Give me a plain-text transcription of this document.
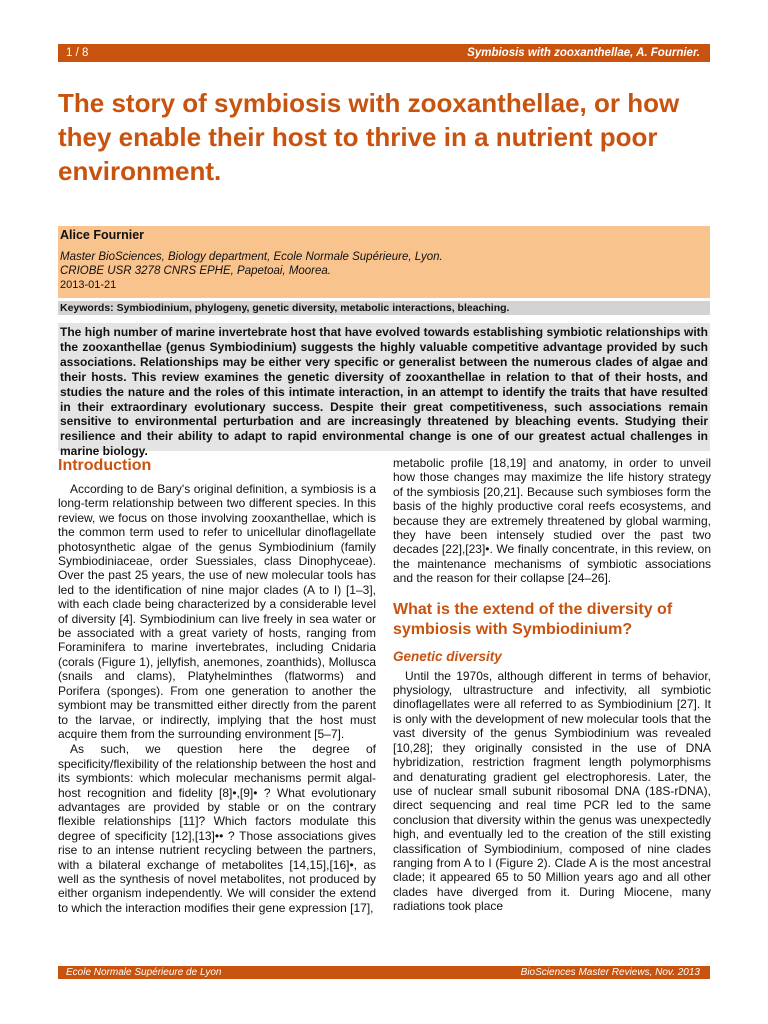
1 / 8	Symbiosis with zooxanthellae, A. Fournier.
The story of symbiosis with zooxanthellae, or how they enable their host to thrive in a nutrient poor environment.
Alice Fournier
Master BioSciences, Biology department, Ecole Normale Supérieure, Lyon.
CRIOBE USR 3278 CNRS EPHE, Papetoai, Moorea.
2013-01-21
Keywords: Symbiodinium, phylogeny, genetic diversity, metabolic interactions, bleaching.

The high number of marine invertebrate host that have evolved towards establishing symbiotic relationships with the zooxanthellae (genus Symbiodinium) suggests the highly valuable competitive advantage provided by such associations. Relationships may be either very specific or generalist between the numerous clades of algae and their hosts. This review examines the genetic diversity of zooxanthellae in relation to that of their hosts, and studies the nature and the roles of this intimate interaction, in an attempt to identify the traits that have resulted in their extraordinary evolutionary success. Despite their great competitiveness, such associations remain sensitive to environmental perturbation and are increasingly threatened by bleaching events. Studying their resilience and their ability to adapt to rapid environmental change is one of our greatest actual challenges in marine biology.

Introduction

According to de Bary's original definition, a symbiosis is a long-term relationship between two different species. In this review, we focus on those involving zooxanthellae, which is the common term used to refer to unicellular dinoflagellate photosynthetic algae of the genus Symbiodinium (family Symbiodiniaceae, order Suessiales, class Dinophyceae). Over the past 25 years, the use of new molecular tools has led to the identification of nine major clades (A to I) [1–3], with each clade being characterized by a considerable level of diversity [4]. Symbiodinium can live freely in sea water or be associated with a great variety of hosts, ranging from Foraminifera to marine invertebrates, including Cnidaria (corals (Figure 1), jellyfish, anemones, zoanthids), Mollusca (snails and clams), Platyhelminthes (flatworms) and Porifera (sponges). From one generation to another the symbiont may be transmitted either directly from the parent to the larvae, or indirectly, implying that the host must acquire them from the surrounding environment [5–7].

As such, we question here the degree of specificity/flexibility of the relationship between the host and its symbionts: which molecular mechanisms permit algal-host recognition and fidelity [8]•,[9]• ? What evolutionary advantages are provided by stable or on the contrary flexible relationships [11]? Which factors modulate this degree of specificity [12],[13]•• ? Those associations gives rise to an intense nutrient recycling between the partners, with a bilateral exchange of metabolites [14,15],[16]•, as well as the synthesis of novel metabolites, not produced by either organism independently. We will consider the extend to which the interaction modifies their gene expression [17],

metabolic profile [18,19] and anatomy, in order to unveil how those changes may maximize the life history strategy of the symbiosis [20,21]. Because such symbioses form the basis of the highly productive coral reefs ecosystems, and because they are extremely threatened by global warming, they have been intensely studied over the past two decades [22],[23]•. We finally concentrate, in this review, on the maintenance mechanisms of symbiotic associations and the reason for their collapse [24–26].

What is the extend of the diversity of symbiosis with Symbiodinium?
Genetic diversity

Until the 1970s, although different in terms of behavior, physiology, ultrastructure and infectivity, all symbiotic dinoflagellates were all referred to as Symbiodinium [27]. It is only with the development of new molecular tools that the vast diversity of the genus Symbiodinium was revealed [10,28]; they originally consisted in the use of DNA hybridization, restriction fragment length polymorphisms and denaturating gradient gel electrophoresis. Later, the use of nuclear small subunit ribosomal DNA (18S-rDNA), direct sequencing and real time PCR led to the same conclusion that diversity within the genus was unexpectedly high, and eventually led to the creation of the still existing classification of Symbiodinium, composed of nine clades ranging from A to I (Figure 2). Clade A is the most ancestral clade; it appeared 65 to 50 Million years ago and all other clades have diverged from it. During Miocene, many radiations took place

Ecole Normale Supérieure de Lyon	BioSciences Master Reviews, Nov. 2013
